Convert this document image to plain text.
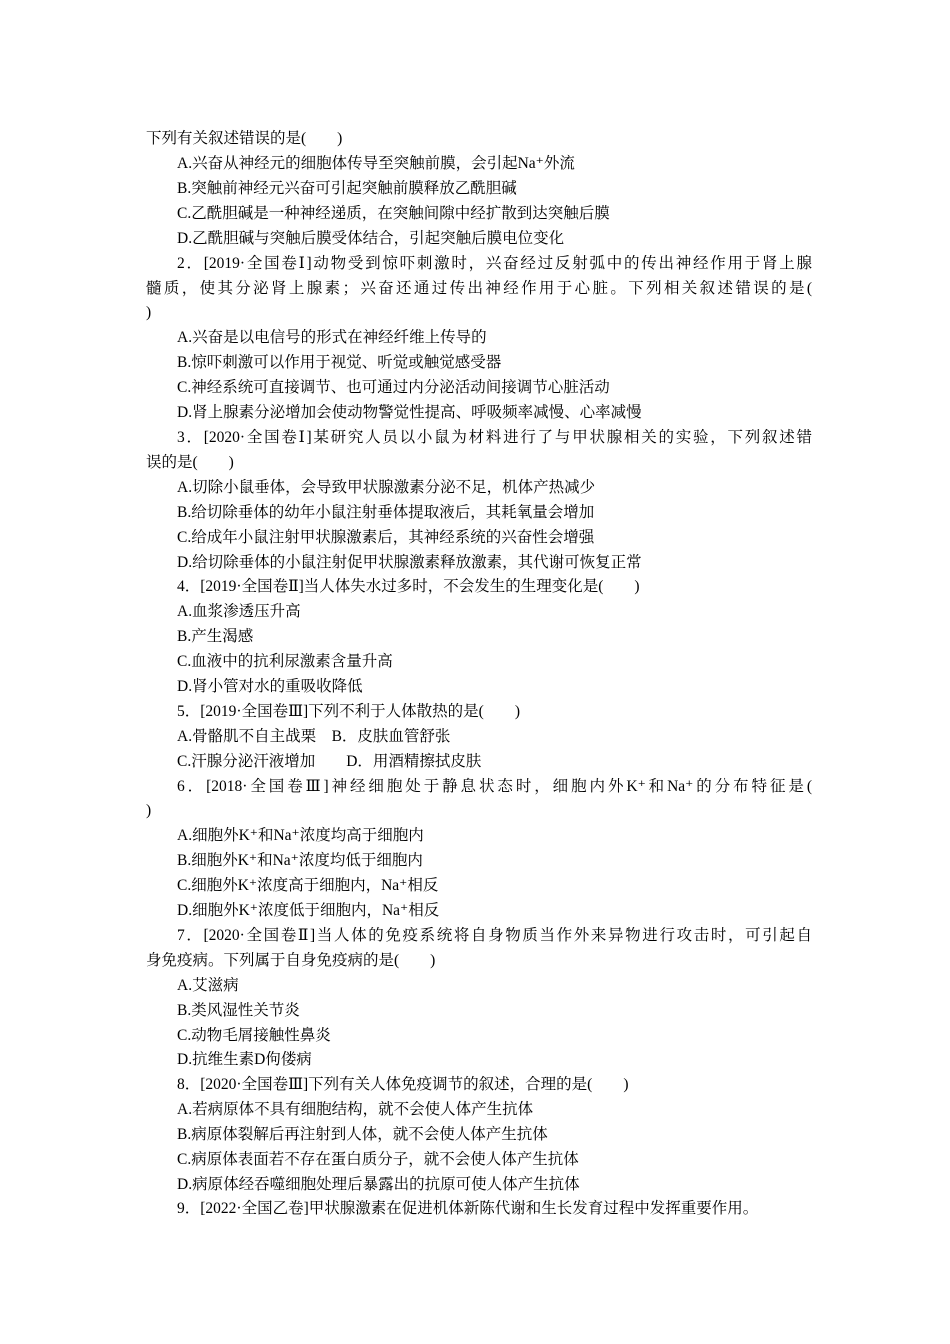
下列有关叙述错误的是(　　)
A.兴奋从神经元的细胞体传导至突触前膜，会引起Na⁺外流
B.突触前神经元兴奋可引起突触前膜释放乙酰胆碱
C.乙酰胆碱是一种神经递质，在突触间隙中经扩散到达突触后膜
D.乙酰胆碱与突触后膜受体结合，引起突触后膜电位变化
2．[2019·全国卷Ⅰ]动物受到惊吓刺激时，兴奋经过反射弧中的传出神经作用于肾上腺
髓质，使其分泌肾上腺素；兴奋还通过传出神经作用于心脏。下列相关叙述错误的是(
)
A.兴奋是以电信号的形式在神经纤维上传导的
B.惊吓刺激可以作用于视觉、听觉或触觉感受器
C.神经系统可直接调节、也可通过内分泌活动间接调节心脏活动
D.肾上腺素分泌增加会使动物警觉性提高、呼吸频率减慢、心率减慢
3．[2020·全国卷Ⅰ]某研究人员以小鼠为材料进行了与甲状腺相关的实验，下列叙述错
误的是(　　)
A.切除小鼠垂体，会导致甲状腺激素分泌不足，机体产热减少
B.给切除垂体的幼年小鼠注射垂体提取液后，其耗氧量会增加
C.给成年小鼠注射甲状腺激素后，其神经系统的兴奋性会增强
D.给切除垂体的小鼠注射促甲状腺激素释放激素，其代谢可恢复正常
4．[2019·全国卷Ⅱ]当人体失水过多时，不会发生的生理变化是(　　)
A.血浆渗透压升高
B.产生渴感
C.血液中的抗利尿激素含量升高
D.肾小管对水的重吸收降低
5．[2019·全国卷Ⅲ]下列不利于人体散热的是(　　)
A.骨骼肌不自主战栗　B．皮肤血管舒张
C.汗腺分泌汗液增加　　D．用酒精擦拭皮肤
6．[2018·全国卷Ⅲ]神经细胞处于静息状态时，细胞内外K⁺和Na⁺的分布特征是(
)
A.细胞外K⁺和Na⁺浓度均高于细胞内
B.细胞外K⁺和Na⁺浓度均低于细胞内
C.细胞外K⁺浓度高于细胞内，Na⁺相反
D.细胞外K⁺浓度低于细胞内，Na⁺相反
7．[2020·全国卷Ⅱ]当人体的免疫系统将自身物质当作外来异物进行攻击时，可引起自
身免疫病。下列属于自身免疫病的是(　　)
A.艾滋病
B.类风湿性关节炎
C.动物毛屑接触性鼻炎
D.抗维生素D佝偻病
8．[2020·全国卷Ⅲ]下列有关人体免疫调节的叙述，合理的是(　　)
A.若病原体不具有细胞结构，就不会使人体产生抗体
B.病原体裂解后再注射到人体，就不会使人体产生抗体
C.病原体表面若不存在蛋白质分子，就不会使人体产生抗体
D.病原体经吞噬细胞处理后暴露出的抗原可使人体产生抗体
9．[2022·全国乙卷]甲状腺激素在促进机体新陈代谢和生长发育过程中发挥重要作用。
